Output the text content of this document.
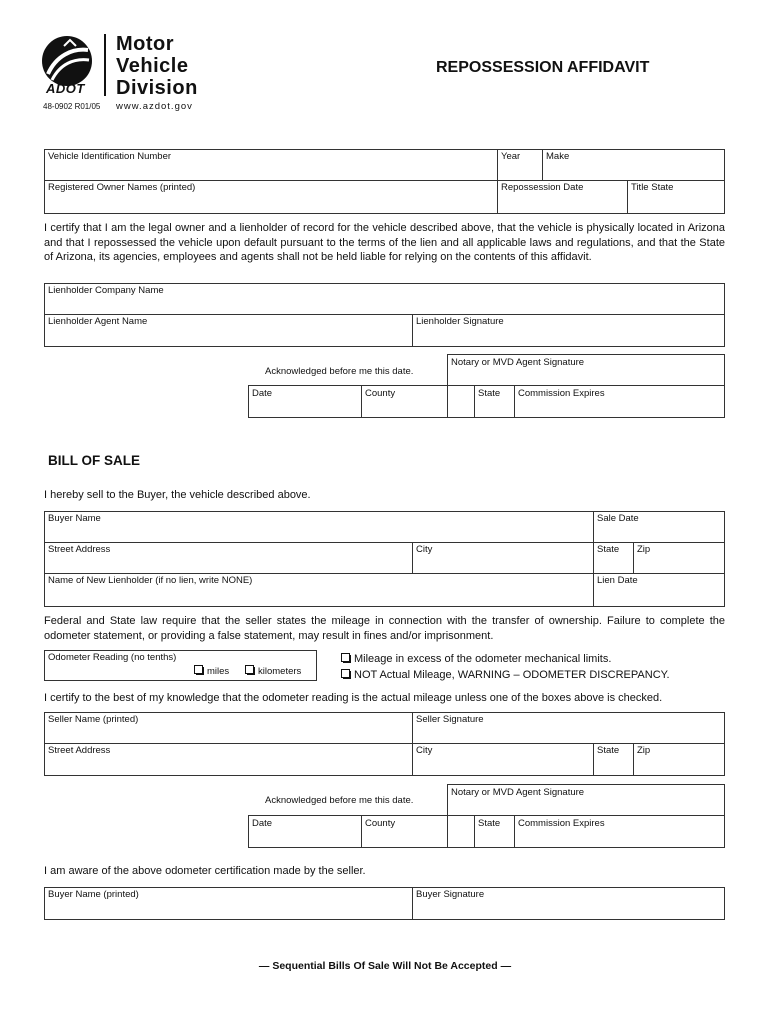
ADOT
Motor
Vehicle
Division
48-0902 R01/05 www.azdot.gov
REPOSSESSION AFFIDAVIT
Vehicle Identification Number	Year	Make
Registered Owner Names (printed)	Repossession Date	Title State
I certify that I am the legal owner and a lienholder of record for the vehicle described above, that the vehicle is physically located in Arizona and that I repossessed the vehicle upon default pursuant to the terms of the lien and all applicable laws and regulations, and that the State of Arizona, its agencies, employees and agents shall not be held liable for relying on the contents of this affidavit.
Lienholder Company Name
Lienholder Agent Name	Lienholder Signature
Acknowledged before me this date.
Notary or MVD Agent Signature
Date	County	State Commission Expires
BILL OF SALE
I hereby sell to the Buyer, the vehicle described above.
Buyer Name	Sale Date
Street Address	City	State Zip
Name of New Lienholder (if no lien, write NONE)	Lien Date
Federal and State law require that the seller states the mileage in connection with the transfer of ownership. Failure to complete the odometer statement, or providing a false statement, may result in fines and/or imprisonment.
Odometer Reading (no tenths)
miles	kilometers
Mileage in excess of the odometer mechanical limits.
NOT Actual Mileage, WARNING – ODOMETER DISCREPANCY.
I certify to the best of my knowledge that the odometer reading is the actual mileage unless one of the boxes above is checked.
Seller Name (printed)	Seller Signature
Street Address	City	State Zip
Acknowledged before me this date.
Notary or MVD Agent Signature
Date	County	State Commission Expires
I am aware of the above odometer certification made by the seller.
Buyer Name (printed)	Buyer Signature
— Sequential Bills Of Sale Will Not Be Accepted —
